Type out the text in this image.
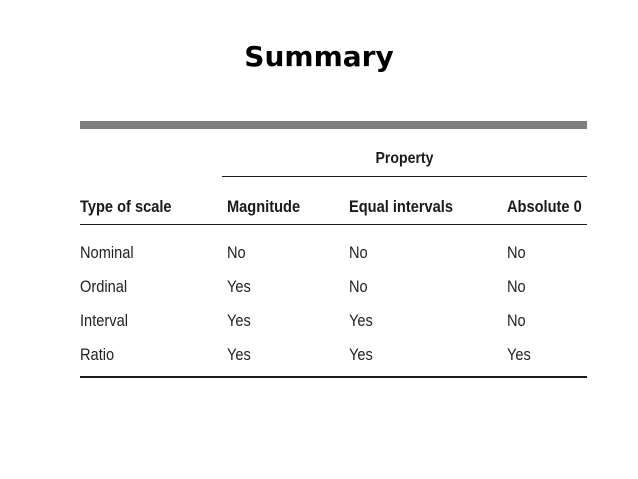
Summary
Property
Type of scale	Magnitude	Equal intervals	Absolute 0
Nominal	No	No	No
Ordinal	Yes	No	No
Interval	Yes	Yes	No
Ratio	Yes	Yes	Yes
